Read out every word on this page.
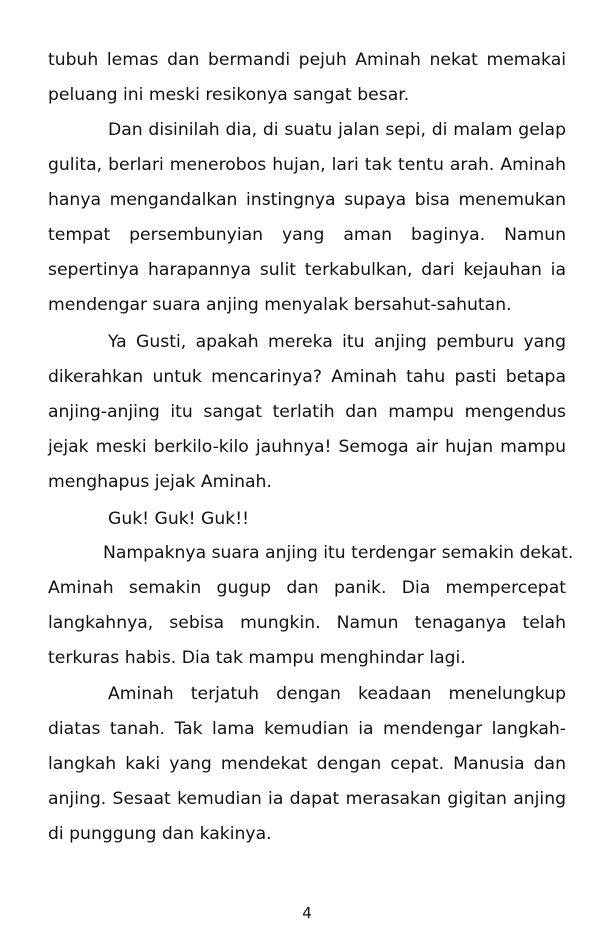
tubuh lemas dan bermandi pejuh Aminah nekat memakai
peluang ini meski resikonya sangat besar.
Dan disinilah dia, di suatu jalan sepi, di malam gelap
gulita, berlari menerobos hujan, lari tak tentu arah. Aminah
hanya mengandalkan instingnya supaya bisa menemukan
tempat persembunyian yang aman baginya. Namun
sepertinya harapannya sulit terkabulkan, dari kejauhan ia
mendengar suara anjing menyalak bersahut-sahutan.
Ya Gusti, apakah mereka itu anjing pemburu yang
dikerahkan untuk mencarinya? Aminah tahu pasti betapa
anjing-anjing itu sangat terlatih dan mampu mengendus
jejak meski berkilo-kilo jauhnya! Semoga air hujan mampu
menghapus jejak Aminah.
Guk! Guk! Guk!!
Nampaknya suara anjing itu terdengar semakin dekat.
Aminah semakin gugup dan panik. Dia mempercepat
langkahnya, sebisa mungkin. Namun tenaganya telah
terkuras habis. Dia tak mampu menghindar lagi.
Aminah terjatuh dengan keadaan menelungkup
diatas tanah. Tak lama kemudian ia mendengar langkah-
langkah kaki yang mendekat dengan cepat. Manusia dan
anjing. Sesaat kemudian ia dapat merasakan gigitan anjing
di punggung dan kakinya.
4
